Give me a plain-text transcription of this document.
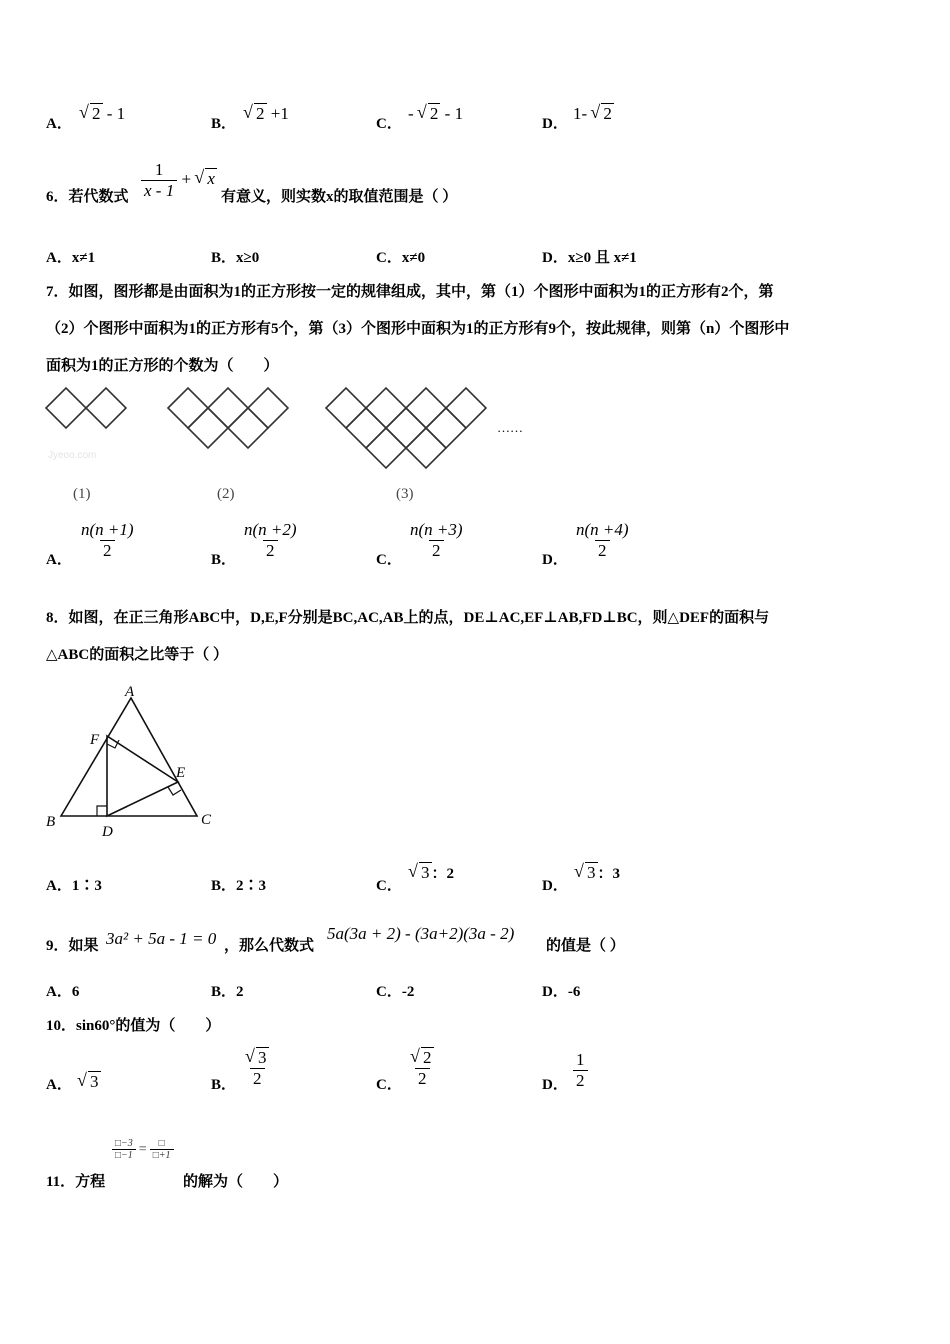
A．
√ 2 - 1
B．
√ 2 +1
C．
- √ 2 - 1
D．
1- √ 2
6．若代数式 $\frac{1}{x - 1}$ + √ x
有意义，则实数x的取值范围是（ ）
A．x≠1	B．x≥0	C．x≠0	D．x≥0 且 x≠1
7．如图，图形都是由面积为1的正方形按一定的规律组成，其中，第（1）个图形中面积为1的正方形有2个，第
（2）个图形中面积为1的正方形有5个，第（3）个图形中面积为1的正方形有9个，按此规律，则第（n）个图形中
面积为1的正方形的个数为（　　）
……
Jyeoo.com
(1)	(2)	(3)
A． $\frac{n(n +1)}{2}$	B． $\frac{n(n +2)}{2}$	C． $\frac{n(n +3)}{2}$	D． $\frac{n(n +4)}{2}$
8．如图，在正三角形ABC中，D,E,F分别是BC,AC,AB上的点，DE⊥AC,EF⊥AB,FD⊥BC，则△DEF的面积与
△ABC的面积之比等于（ ）
A
B	C
D
E
F
A．1∶3	B．2∶3	C．
√ 3 ：2
D．
√ 3 ：3
9．如果 3a² + 5a - 1 = 0 ，那么代数式
5a(3a + 2) - (3a+2)(3a - 2)
的值是（ ）
A．6	B．2	C．-2	D．-6
10．sin60°的值为（　　）
A．	√ 3	B． √ $\frac{3}{2}$	C． √ $\frac{2}{2}$	D． $\frac{1}{2}$
11．方程
$\frac{□-3}{□-1} = \frac{□}{□+1}$
的解为（　　）
